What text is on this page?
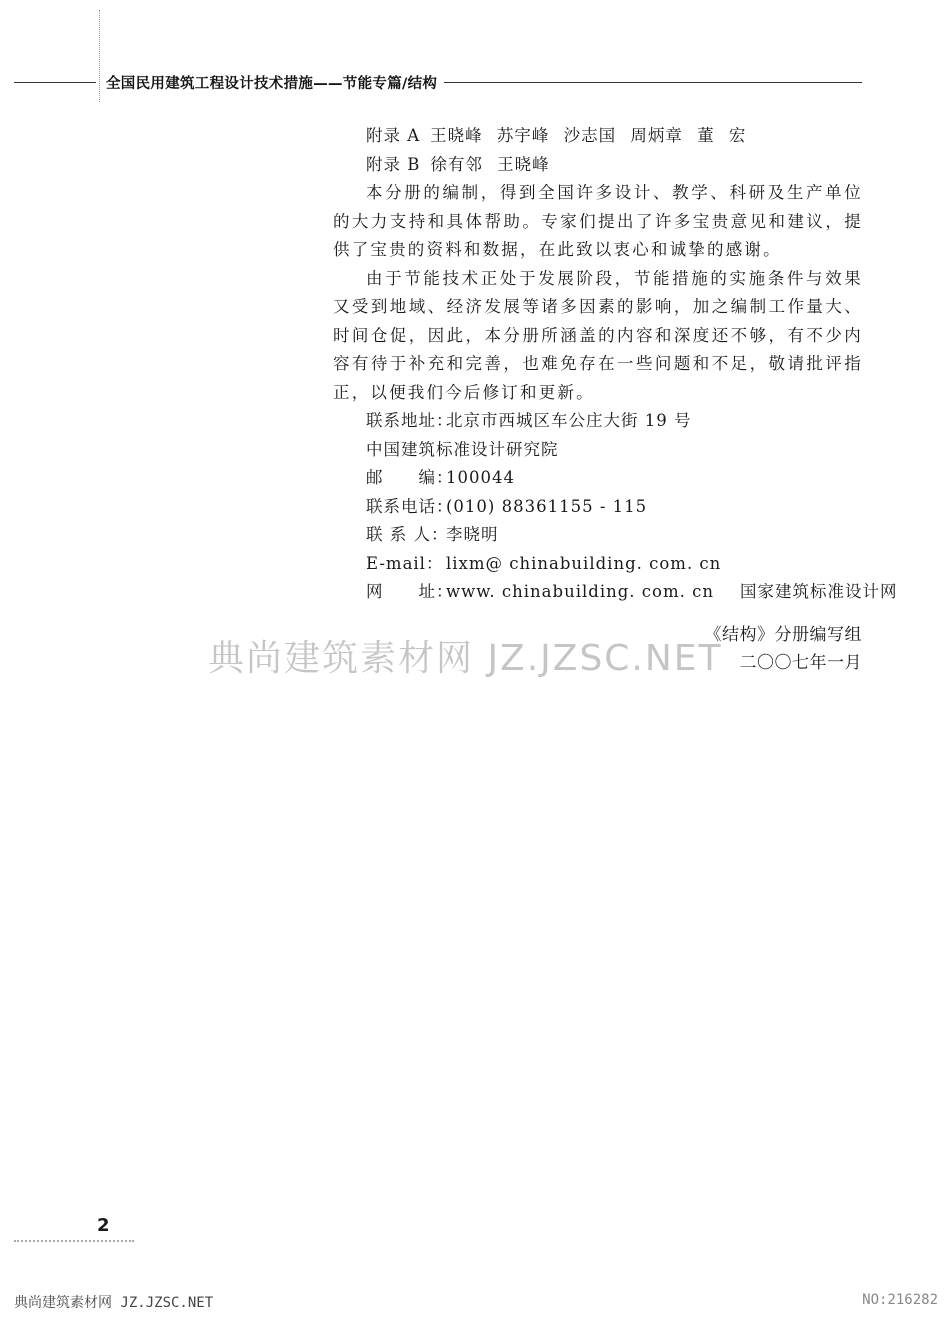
全国民用建筑工程设计技术措施——节能专篇/结构
附录 A 王晓峰 苏宇峰 沙志国 周炳章 董 宏
附录 B 徐有邻 王晓峰

本分册的编制，得到全国许多设计、教学、科研及生产单位的大力支持和具体帮助。专家们提出了许多宝贵意见和建议，提供了宝贵的资料和数据，在此致以衷心和诚挚的感谢。

由于节能技术正处于发展阶段，节能措施的实施条件与效果又受到地域、经济发展等诸多因素的影响，加之编制工作量大、时间仓促，因此，本分册所涵盖的内容和深度还不够，有不少内容有待于补充和完善，也难免存在一些问题和不足，敬请批评指正，以便我们今后修订和更新。

联系地址：北京市西城区车公庄大街 19 号
中国建筑标准设计研究院
邮　　编：100044
联系电话：(010) 88361155 - 115
联 系 人：李晓明
E-mail： lixm@ chinabuilding. com. cn
网　　址：www. chinabuilding. com. cn 国家建筑标准设计网
《结构》分册编写组
二〇〇七年一月
典尚建筑素材网 JZ.JZSC.NET
2
典尚建筑素材网 JZ.JZSC.NET	NO:216282
